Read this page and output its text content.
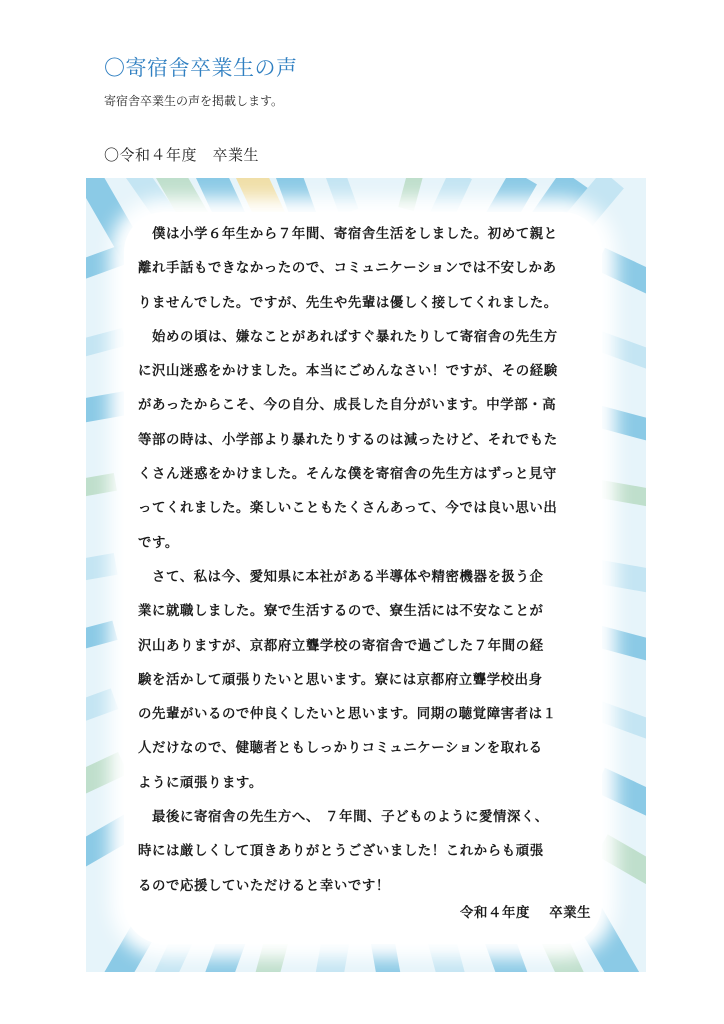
〇寄宿舎卒業生の声
寄宿舎卒業生の声を掲載します。
〇令和４年度　卒業生

　僕は小学６年生から７年間、寄宿舎生活をしました。初めて親と
離れ手話もできなかったので、コミュニケーションでは不安しかあ
りませんでした。ですが、先生や先輩は優しく接してくれました。

　始めの頃は、嫌なことがあればすぐ暴れたりして寄宿舎の先生方
に沢山迷惑をかけました。本当にごめんなさい！ですが、その経験
があったからこそ、今の自分、成長した自分がいます。中学部・高
等部の時は、小学部より暴れたりするのは減ったけど、それでもた
くさん迷惑をかけました。そんな僕を寄宿舎の先生方はずっと見守
ってくれました。楽しいこともたくさんあって、今では良い思い出
です。

　さて、私は今、愛知県に本社がある半導体や精密機器を扱う企
業に就職しました。寮で生活するので、寮生活には不安なことが
沢山ありますが、京都府立聾学校の寄宿舎で過ごした７年間の経
験を活かして頑張りたいと思います。寮には京都府立聾学校出身
の先輩がいるので仲良くしたいと思います。同期の聴覚障害者は１
人だけなので、健聴者ともしっかりコミュニケーションを取れる
ように頑張ります。

　最後に寄宿舎の先生方へ、 ７年間、子どものように愛情深く、
時には厳しくして頂きありがとうございました！これからも頑張
るので応援していただけると幸いです！

令和４年度　 卒業生
